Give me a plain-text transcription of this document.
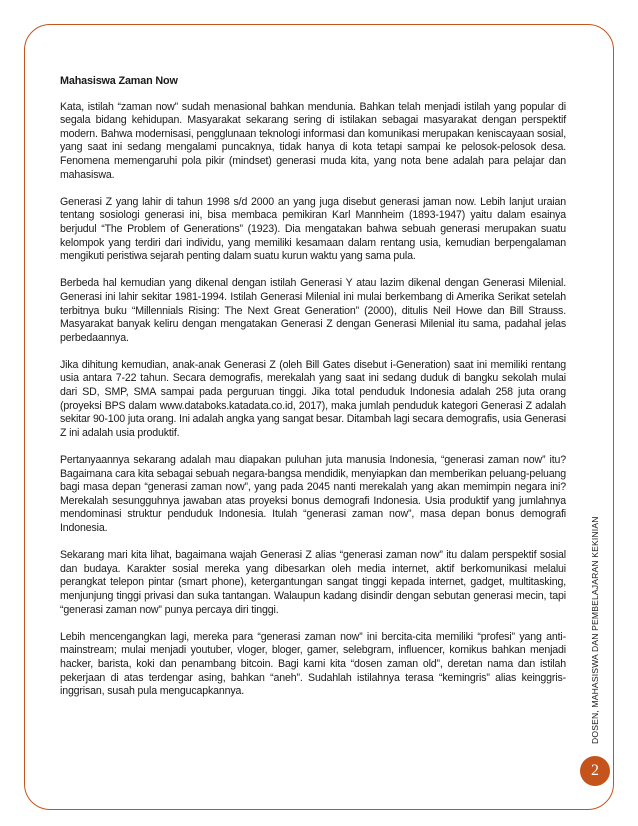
Mahasiswa Zaman Now

Kata, istilah “zaman now” sudah menasional bahkan mendunia. Bahkan telah menjadi istilah yang popular di segala bidang kehidupan. Masyarakat sekarang sering di istilakan sebagai masyarakat dengan perspektif modern. Bahwa modernisasi, pengglunaan teknologi informasi dan komunikasi merupakan keniscayaan sosial, yang saat ini sedang mengalami puncaknya, tidak hanya di kota tetapi sampai ke pelosok-pelosok desa. Fenomena memengaruhi pola pikir (mindset) generasi muda kita, yang nota bene adalah para pelajar dan mahasiswa.

Generasi Z yang lahir di tahun 1998 s/d 2000 an yang juga disebut generasi jaman now. Lebih lanjut uraian tentang sosiologi generasi ini, bisa membaca pemikiran Karl Mannheim (1893-1947) yaitu dalam esainya berjudul “The Problem of Generations” (1923). Dia mengatakan bahwa sebuah generasi merupakan suatu kelompok yang terdiri dari individu, yang memiliki kesamaan dalam rentang usia, kemudian berpengalaman mengikuti peristiwa sejarah penting dalam suatu kurun waktu yang sama pula.

Berbeda hal kemudian yang dikenal dengan istilah Generasi Y atau lazim dikenal dengan Generasi Milenial. Generasi ini lahir sekitar 1981-1994. Istilah Generasi Milenial ini mulai berkembang di Amerika Serikat setelah terbitnya buku “Millennials Rising: The Next Great Generation” (2000), ditulis Neil Howe dan Bill Strauss. Masyarakat banyak keliru dengan mengatakan Generasi Z dengan Generasi Milenial itu sama, padahal jelas perbedaannya.

Jika dihitung kemudian, anak-anak Generasi Z (oleh Bill Gates disebut i-Generation) saat ini memiliki rentang usia antara 7-22 tahun. Secara demografis, merekalah yang saat ini sedang duduk di bangku sekolah mulai dari SD, SMP, SMA sampai pada perguruan tinggi. Jika total penduduk Indonesia adalah 258 juta orang (proyeksi BPS dalam www.databoks.katadata.co.id, 2017), maka jumlah penduduk kategori Generasi Z adalah sekitar 90-100 juta orang. Ini adalah angka yang sangat besar. Ditambah lagi secara demografis, usia Generasi Z ini adalah usia produktif.

Pertanyaannya sekarang adalah mau diapakan puluhan juta manusia Indonesia, “generasi zaman now” itu? Bagaimana cara kita sebagai sebuah negara-bangsa mendidik, menyiapkan dan memberikan peluang-peluang bagi masa depan “generasi zaman now”, yang pada 2045 nanti merekalah yang akan memimpin negara ini? Merekalah sesungguhnya jawaban atas proyeksi bonus demografi Indonesia. Usia produktif yang jumlahnya mendominasi struktur penduduk Indonesia. Itulah “generasi zaman now”, masa depan bonus demografi Indonesia.

Sekarang mari kita lihat, bagaimana wajah Generasi Z alias “generasi zaman now” itu dalam perspektif sosial dan budaya. Karakter sosial mereka yang dibesarkan oleh media internet, aktif berkomunikasi melalui perangkat telepon pintar (smart phone), ketergantungan sangat tinggi kepada internet, gadget, multitasking, menjunjung tinggi privasi dan suka tantangan. Walaupun kadang disindir dengan sebutan generasi mecin, tapi “generasi zaman now” punya percaya diri tinggi.

Lebih mencengangkan lagi, mereka para “generasi zaman now” ini bercita-cita memiliki “profesi” yang anti-mainstream; mulai menjadi youtuber, vloger, bloger, gamer, selebgram, influencer, komikus bahkan menjadi hacker, barista, koki dan penambang bitcoin. Bagi kami kita “dosen zaman old”, deretan nama dan istilah pekerjaan di atas terdengar asing, bahkan “aneh”. Sudahlah istilahnya terasa “kemingris” alias keinggris-inggrisan, susah pula mengucapkannya.	DOSEN, MAHASISWA DAN PEMBELAJARAN KEKINIAN
2
